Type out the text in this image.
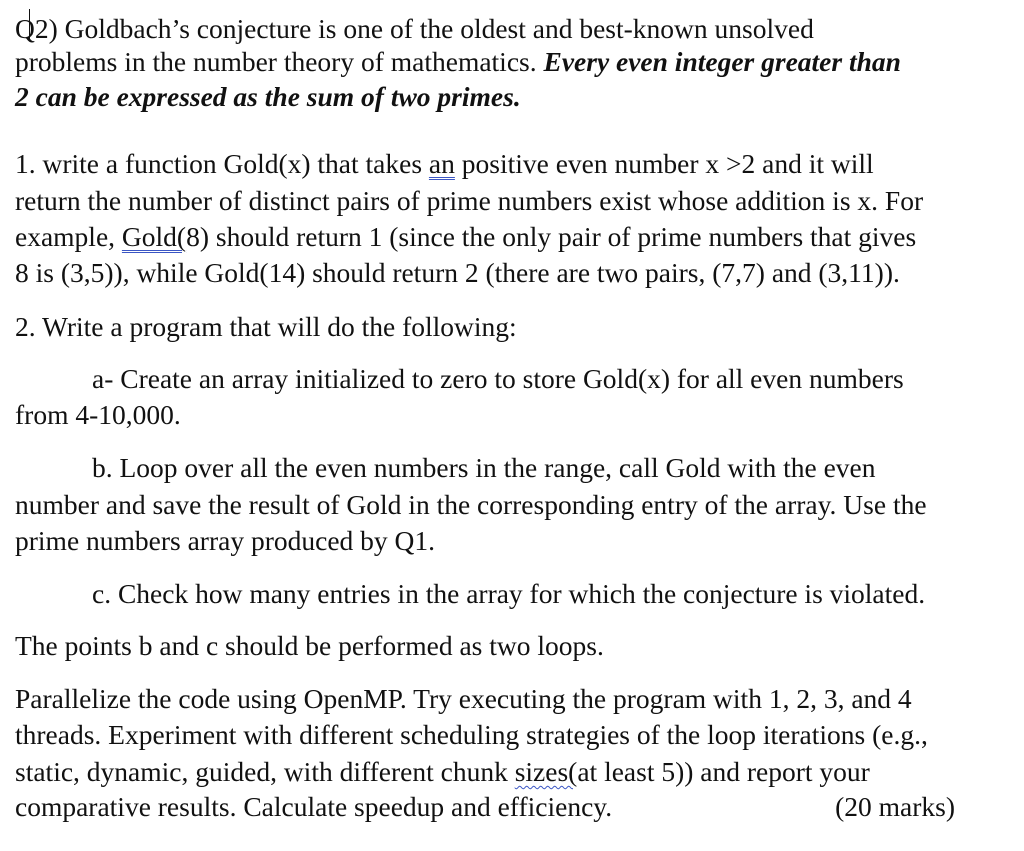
Q2) Goldbach’s conjecture is one of the oldest and best-known unsolved
problems in the number theory of mathematics. Every even integer greater than
2 can be expressed as the sum of two primes.
1. write a function Gold(x) that takes an positive even number x >2 and it will
return the number of distinct pairs of prime numbers exist whose addition is x. For
example, Gold(8) should return 1 (since the only pair of prime numbers that gives
8 is (3,5)), while Gold(14) should return 2 (there are two pairs, (7,7) and (3,11)).
2. Write a program that will do the following:
a- Create an array initialized to zero to store Gold(x) for all even numbers
from 4-10,000.
b. Loop over all the even numbers in the range, call Gold with the even
number and save the result of Gold in the corresponding entry of the array. Use the
prime numbers array produced by Q1.
c. Check how many entries in the array for which the conjecture is violated.
The points b and c should be performed as two loops.
Parallelize the code using OpenMP. Try executing the program with 1, 2, 3, and 4
threads. Experiment with different scheduling strategies of the loop iterations (e.g.,
static, dynamic, guided, with different chunk sizes(at least 5)) and report your
comparative results. Calculate speedup and efficiency.	(20 marks)
